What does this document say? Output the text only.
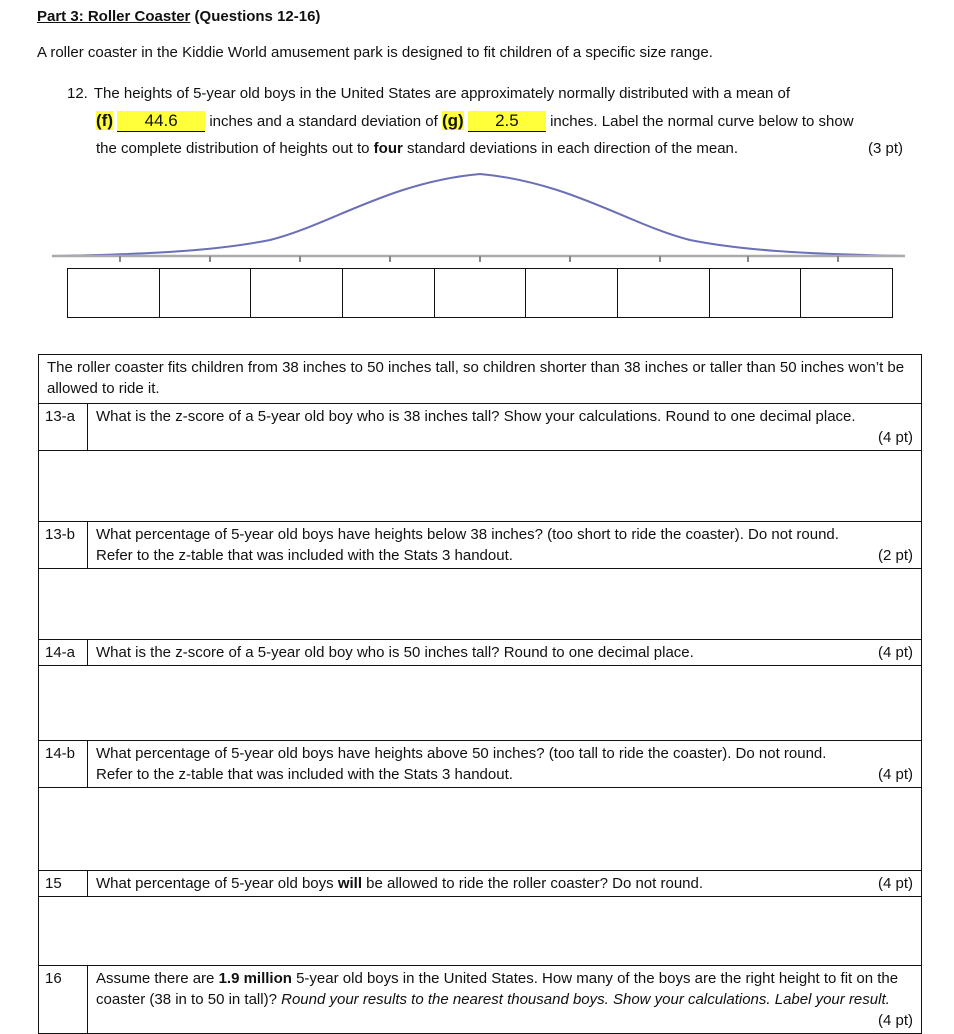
Part 3: Roller Coaster (Questions 12-16)
A roller coaster in the Kiddie World amusement park is designed to fit children of a specific size range.
12. The heights of 5-year old boys in the United States are approximately normally distributed with a mean of
(f) 44.6 inches and a standard deviation of (g) 2.5 inches. Label the normal curve below to show
the complete distribution of heights out to four standard deviations in each direction of the mean.	(3 pt)
The roller coaster fits children from 38 inches to 50 inches tall, so children shorter than 38 inches or taller than 50 inches won’t be allowed to ride it.	
13-a	What is the z-score of a 5-year old boy who is 38 inches tall? Show your calculations. Round to one decimal place.

(4 pt)

13-b	What percentage of 5-year old boys have heights below 38 inches? (too short to ride the coaster). Do not round.
Refer to the z-table that was included with the Stats 3 handout. (2 pt)

14-a	What is the z-score of a 5-year old boy who is 50 inches tall? Round to one decimal place. (4 pt)

14-b	What percentage of 5-year old boys have heights above 50 inches? (too tall to ride the coaster). Do not round.
Refer to the z-table that was included with the Stats 3 handout. (4 pt)

15	What percentage of 5-year old boys will be allowed to ride the roller coaster? Do not round. (4 pt)

16	Assume there are 1.9 million 5-year old boys in the United States. How many of the boys are the right height to fit on the coaster (38 in to 50 in tall)? Round your results to the nearest thousand boys. Show your calculations. Label your result.
(4 pt)
